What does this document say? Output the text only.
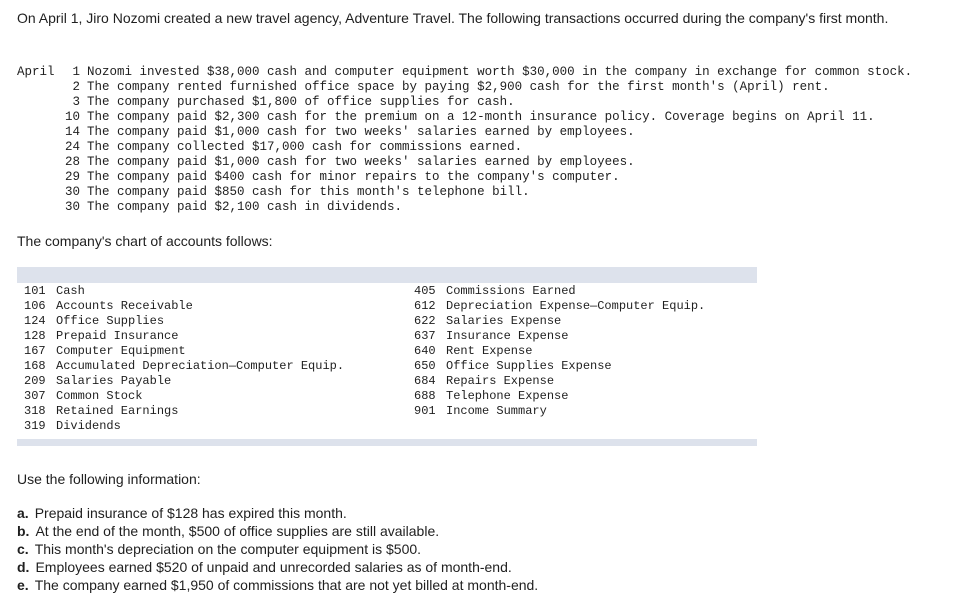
On April 1, Jiro Nozomi created a new travel agency, Adventure Travel. The following transactions occurred during the company's first month.

April	1 Nozomi invested $38,000 cash and computer equipment worth $30,000 in the company in exchange for common stock.
2 The company rented furnished office space by paying $2,900 cash for the first month's (April) rent.
3 The company purchased $1,800 of office supplies for cash.
10 The company paid $2,300 cash for the premium on a 12-month insurance policy. Coverage begins on April 11.
14 The company paid $1,000 cash for two weeks' salaries earned by employees.
24 The company collected $17,000 cash for commissions earned.
28 The company paid $1,000 cash for two weeks' salaries earned by employees.
29 The company paid $400 cash for minor repairs to the company's computer.
30 The company paid $850 cash for this month's telephone bill.
30 The company paid $2,100 cash in dividends.
The company's chart of accounts follows:
101 Cash
106 Accounts Receivable
124 Office Supplies
128 Prepaid Insurance
167 Computer Equipment
168 Accumulated Depreciation—Computer Equip.
209 Salaries Payable
307 Common Stock
318 Retained Earnings
319 Dividends
405 Commissions Earned
612 Depreciation Expense—Computer Equip.
622 Salaries Expense
637 Insurance Expense
640 Rent Expense
650 Office Supplies Expense
684 Repairs Expense
688 Telephone Expense
901 Income Summary
Use the following information:
a. Prepaid insurance of $128 has expired this month.
b. At the end of the month, $500 of office supplies are still available.
c. This month's depreciation on the computer equipment is $500.
d. Employees earned $520 of unpaid and unrecorded salaries as of month-end.
e. The company earned $1,950 of commissions that are not yet billed at month-end.
